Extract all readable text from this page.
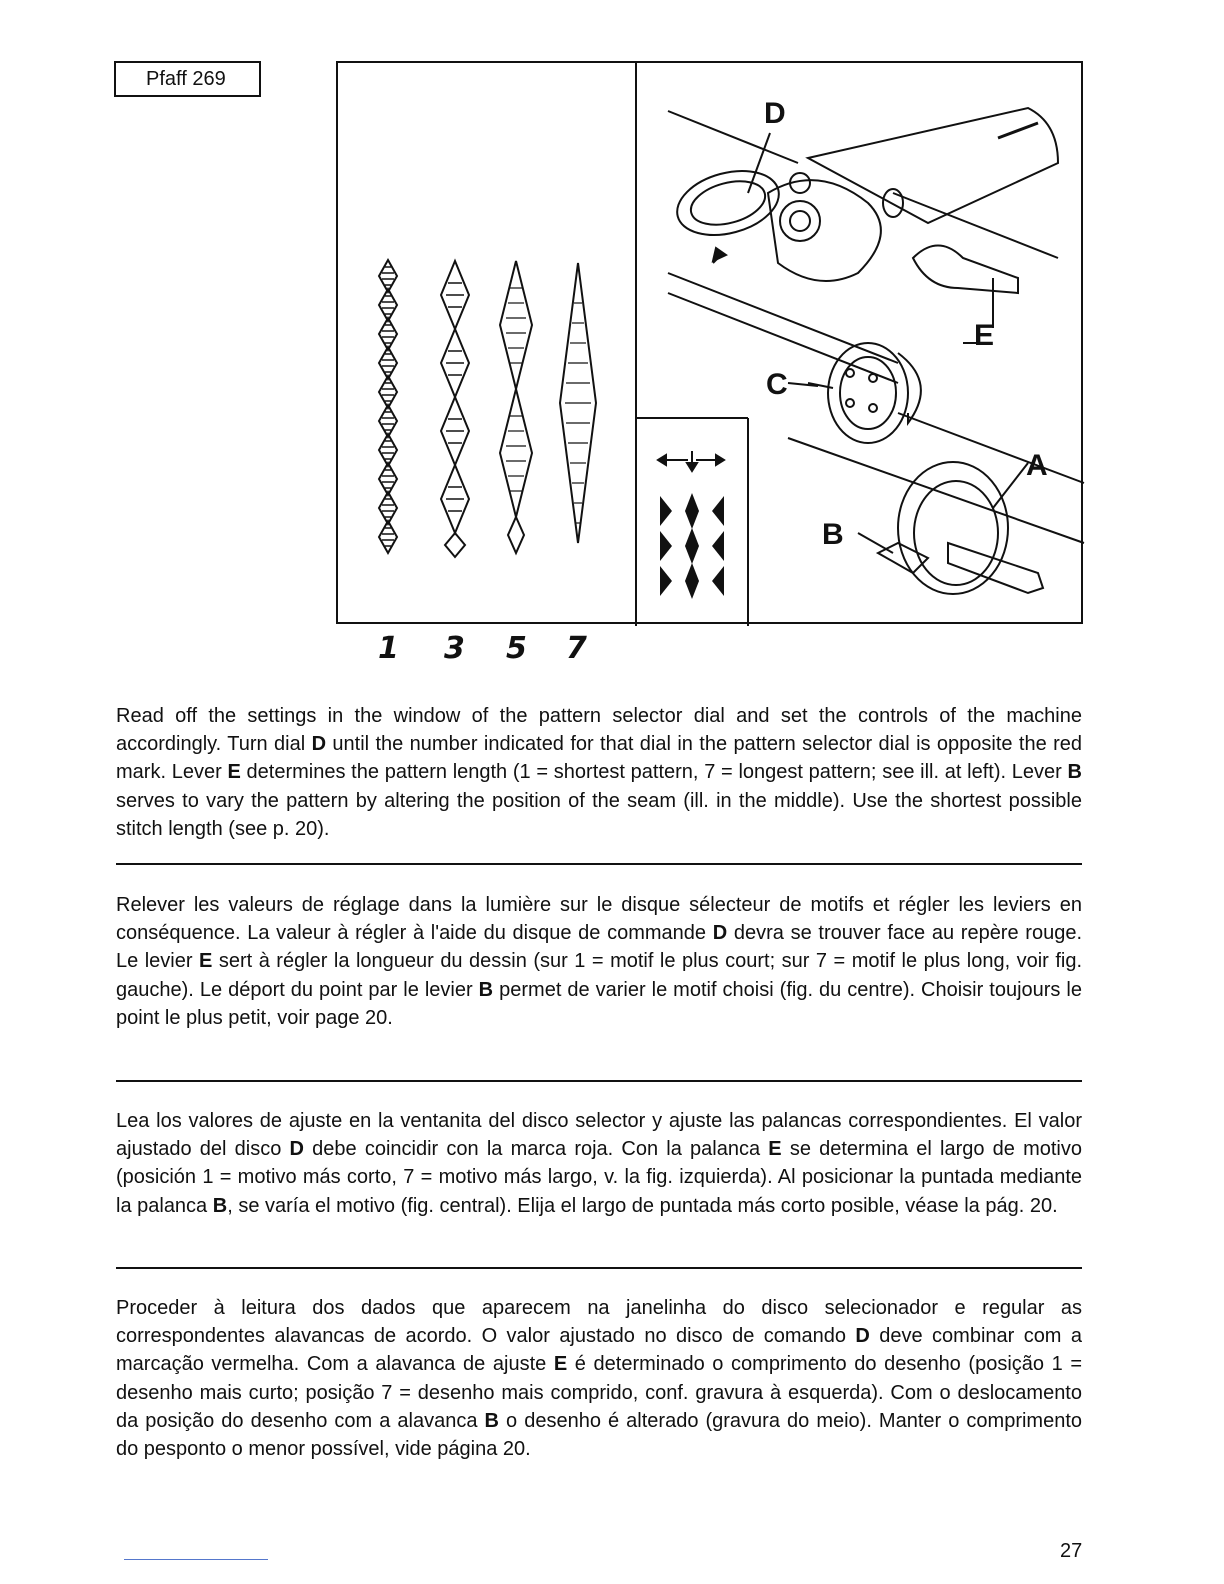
Pfaff 269
1 3 5 7
D
E
C
A
B

Read off the settings in the window of the pattern selector dial and set the controls of the machine accordingly. Turn dial D until the number indicated for that dial in the pattern selector dial is opposite the red mark. Lever E determines the pattern length (1 = shortest pattern, 7 = longest pattern; see ill. at left). Lever B serves to vary the pattern by altering the position of the seam (ill. in the middle). Use the shortest possible stitch length (see p. 20).

Relever les valeurs de réglage dans la lumière sur le disque sélecteur de motifs et régler les leviers en conséquence. La valeur à régler à l'aide du disque de commande D devra se trouver face au repère rouge. Le levier E sert à régler la longueur du dessin (sur 1 = motif le plus court; sur 7 = motif le plus long, voir fig. gauche). Le déport du point par le levier B permet de varier le motif choisi (fig. du centre). Choisir toujours le point le plus petit, voir page 20.

Lea los valores de ajuste en la ventanita del disco selector y ajuste las palancas correspondientes. El valor ajustado del disco D debe coincidir con la marca roja. Con la palanca E se determina el largo de motivo (posición 1 = motivo más corto, 7 = motivo más largo, v. la fig. izquierda). Al posicionar la puntada mediante la palanca B, se varía el motivo (fig. central). Elija el largo de puntada más corto posible, véase la pág. 20.

Proceder à leitura dos dados que aparecem na janelinha do disco selecionador e regular as correspondentes alavancas de acordo. O valor ajustado no disco de comando D deve combinar com a marcação vermelha. Com a alavanca de ajuste E é determinado o comprimento do desenho (posição 1 = desenho mais curto; posição 7 = desenho mais comprido, conf. gravura à esquerda). Com o deslocamento da posição do desenho com a alavanca B o desenho é alterado (gravura do meio). Manter o comprimento do pesponto o menor possível, vide página 20.

27
